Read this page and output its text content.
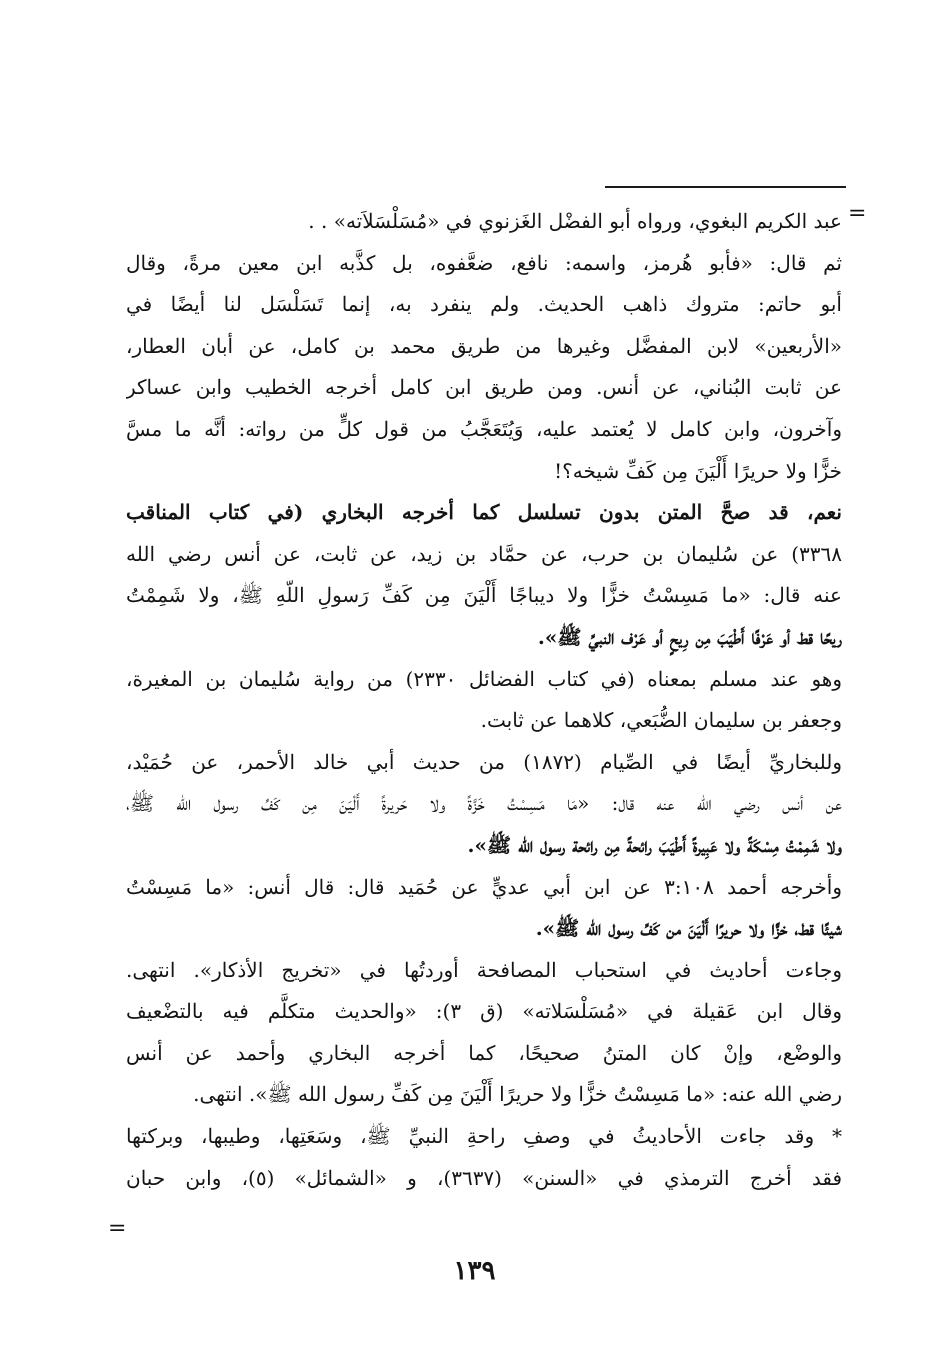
=
عبد الكريم البغوي، ورواه أبو الفضْل الغَزنوي في «مُسَلْسَلاَته» . .
ثم قال: «فأبو هُرمز، واسمه: نافع، ضعَّفوه، بل كذَّبه ابن معين مرةً، وقال
أبو حاتم: متروك ذاهب الحديث. ولم ينفرد به، إنما تَسَلْسَل لنا أيضًا في
«الأربعين» لابن المفضَّل وغيرها من طريق محمد بن كامل، عن أبان العطار،
عن ثابت البُناني، عن أنس. ومن طريق ابن كامل أخرجه الخطيب وابن عساكر
وآخرون، وابن كامل لا يُعتمد عليه، وَيُتَعَجَّبُ من قول كلٍّ من رواته: أنَّه ما مسَّ
خزًّا ولا حريرًا أَلْيَنَ مِن كَفِّ شيخه؟!
نعم، قد صحَّ المتن بدون تسلسل كما أخرجه البخاري (في كتاب المناقب
٣٣٦٨) عن سُليمان بن حرب، عن حمَّاد بن زيد، عن ثابت، عن أنس رضي الله
عنه قال: «ما مَسِسْتُ خزًّا ولا ديباجًا أَلْيَنَ مِن كَفِّ رَسولِ اللّهِ ﷺ، ولا شَمِمْتُ
ريحًا قط أو عَرْفًا أَطْيَبَ مِن رِيحٍ أو عَرْف النبيِّ ﷺ».
وهو عند مسلم بمعناه (في كتاب الفضائل ٢٣٣٠) من رواية سُليمان بن المغيرة،
وجعفر بن سليمان الضُّبَعي، كلاهما عن ثابت.
وللبخاريِّ أيضًا في الصِّيام (١٨٧٢) من حديث أبي خالد الأحمر، عن حُمَيْد،
عن أنس رضي الله عنه قال: «مَا مَسِسْتُ خَزَّةً ولا حَريرةً أَلْيَنَ مِن كَفِّ رسول الله ﷺ،
ولا شَمِمْتُ مِسْكَةً ولا عَبِيرةً أَطْيَبَ رائحةً مِن رائحة رسول الله ﷺ».
وأخرجه أحمد ٣:١٠٨ عن ابن أبي عديٍّ عن حُمَيد قال: قال أنس: «ما مَسِسْتُ
شيئًا قط، خزًّا ولا حريرًا أَلْيَنَ من كَفِّ رسول الله ﷺ».
وجاءت أحاديث في استحباب المصافحة أوردتُها في «تخريج الأذكار». انتهى.
وقال ابن عَقيلة في «مُسَلْسَلاته» (ق ٣): «والحديث متكلَّم فيه بالتضْعيف
والوضْع، وإنْ كان المتنُ صحيحًا، كما أخرجه البخاري وأحمد عن أنس
رضي الله عنه: «ما مَسِسْتُ خزًّا ولا حريرًا أَلْيَنَ مِن كَفِّ رسول الله ﷺ». انتهى.
* وقد جاءت الأحاديثُ في وصفِ راحةِ النبيِّ ﷺ، وسَعَتِها، وطيبها، وبركتها
فقد أخرج الترمذي في «السنن» (٣٦٣٧)، و «الشمائل» (٥)، وابن حبان
=
١٣٩
